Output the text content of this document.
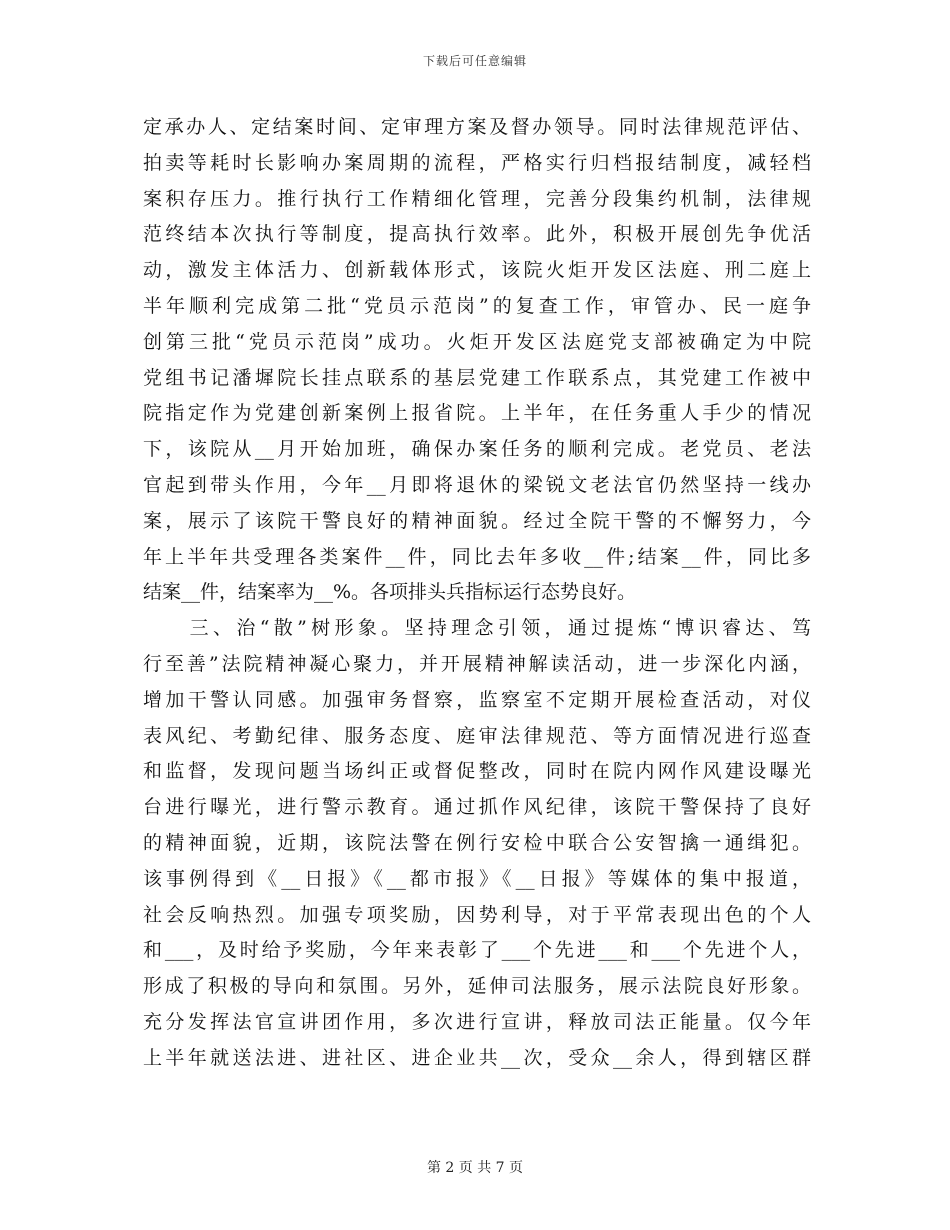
下载后可任意编辑
定承办人、定结案时间、定审理方案及督办领导。同时法律规范评估、
拍卖等耗时长影响办案周期的流程，严格实行归档报结制度，减轻档
案积存压力。推行执行工作精细化管理，完善分段集约机制，法律规
范终结本次执行等制度，提高执行效率。此外，积极开展创先争优活
动，激发主体活力、创新载体形式，该院火炬开发区法庭、刑二庭上
半年顺利完成第二批“党员示范岗”的复查工作，审管办、民一庭争
创第三批“党员示范岗”成功。火炬开发区法庭党支部被确定为中院
党组书记潘墀院长挂点联系的基层党建工作联系点，其党建工作被中
院指定作为党建创新案例上报省院。上半年，在任务重人手少的情况
下，该院从__月开始加班，确保办案任务的顺利完成。老党员、老法
官起到带头作用，今年__月即将退休的梁锐文老法官仍然坚持一线办
案，展示了该院干警良好的精神面貌。经过全院干警的不懈努力，今
年上半年共受理各类案件__件，同比去年多收__件;结案__件，同比多
结案__件，结案率为__%。各项排头兵指标运行态势良好。
　　三、治“散”树形象。坚持理念引领，通过提炼“博识睿达、笃
行至善”法院精神凝心聚力，并开展精神解读活动，进一步深化内涵，
增加干警认同感。加强审务督察，监察室不定期开展检查活动，对仪
表风纪、考勤纪律、服务态度、庭审法律规范、等方面情况进行巡查
和监督，发现问题当场纠正或督促整改，同时在院内网作风建设曝光
台进行曝光，进行警示教育。通过抓作风纪律，该院干警保持了良好
的精神面貌，近期，该院法警在例行安检中联合公安智擒一通缉犯。
该事例得到《__日报》《__都市报》《__日报》等媒体的集中报道，
社会反响热烈。加强专项奖励，因势利导，对于平常表现出色的个人
和___，及时给予奖励，今年来表彰了___个先进___和___个先进个人，
形成了积极的导向和氛围。另外，延伸司法服务，展示法院良好形象。
充分发挥法官宣讲团作用，多次进行宣讲，释放司法正能量。仅今年
上半年就送法进、进社区、进企业共__次，受众__余人，得到辖区群
第 2 页 共 7 页
